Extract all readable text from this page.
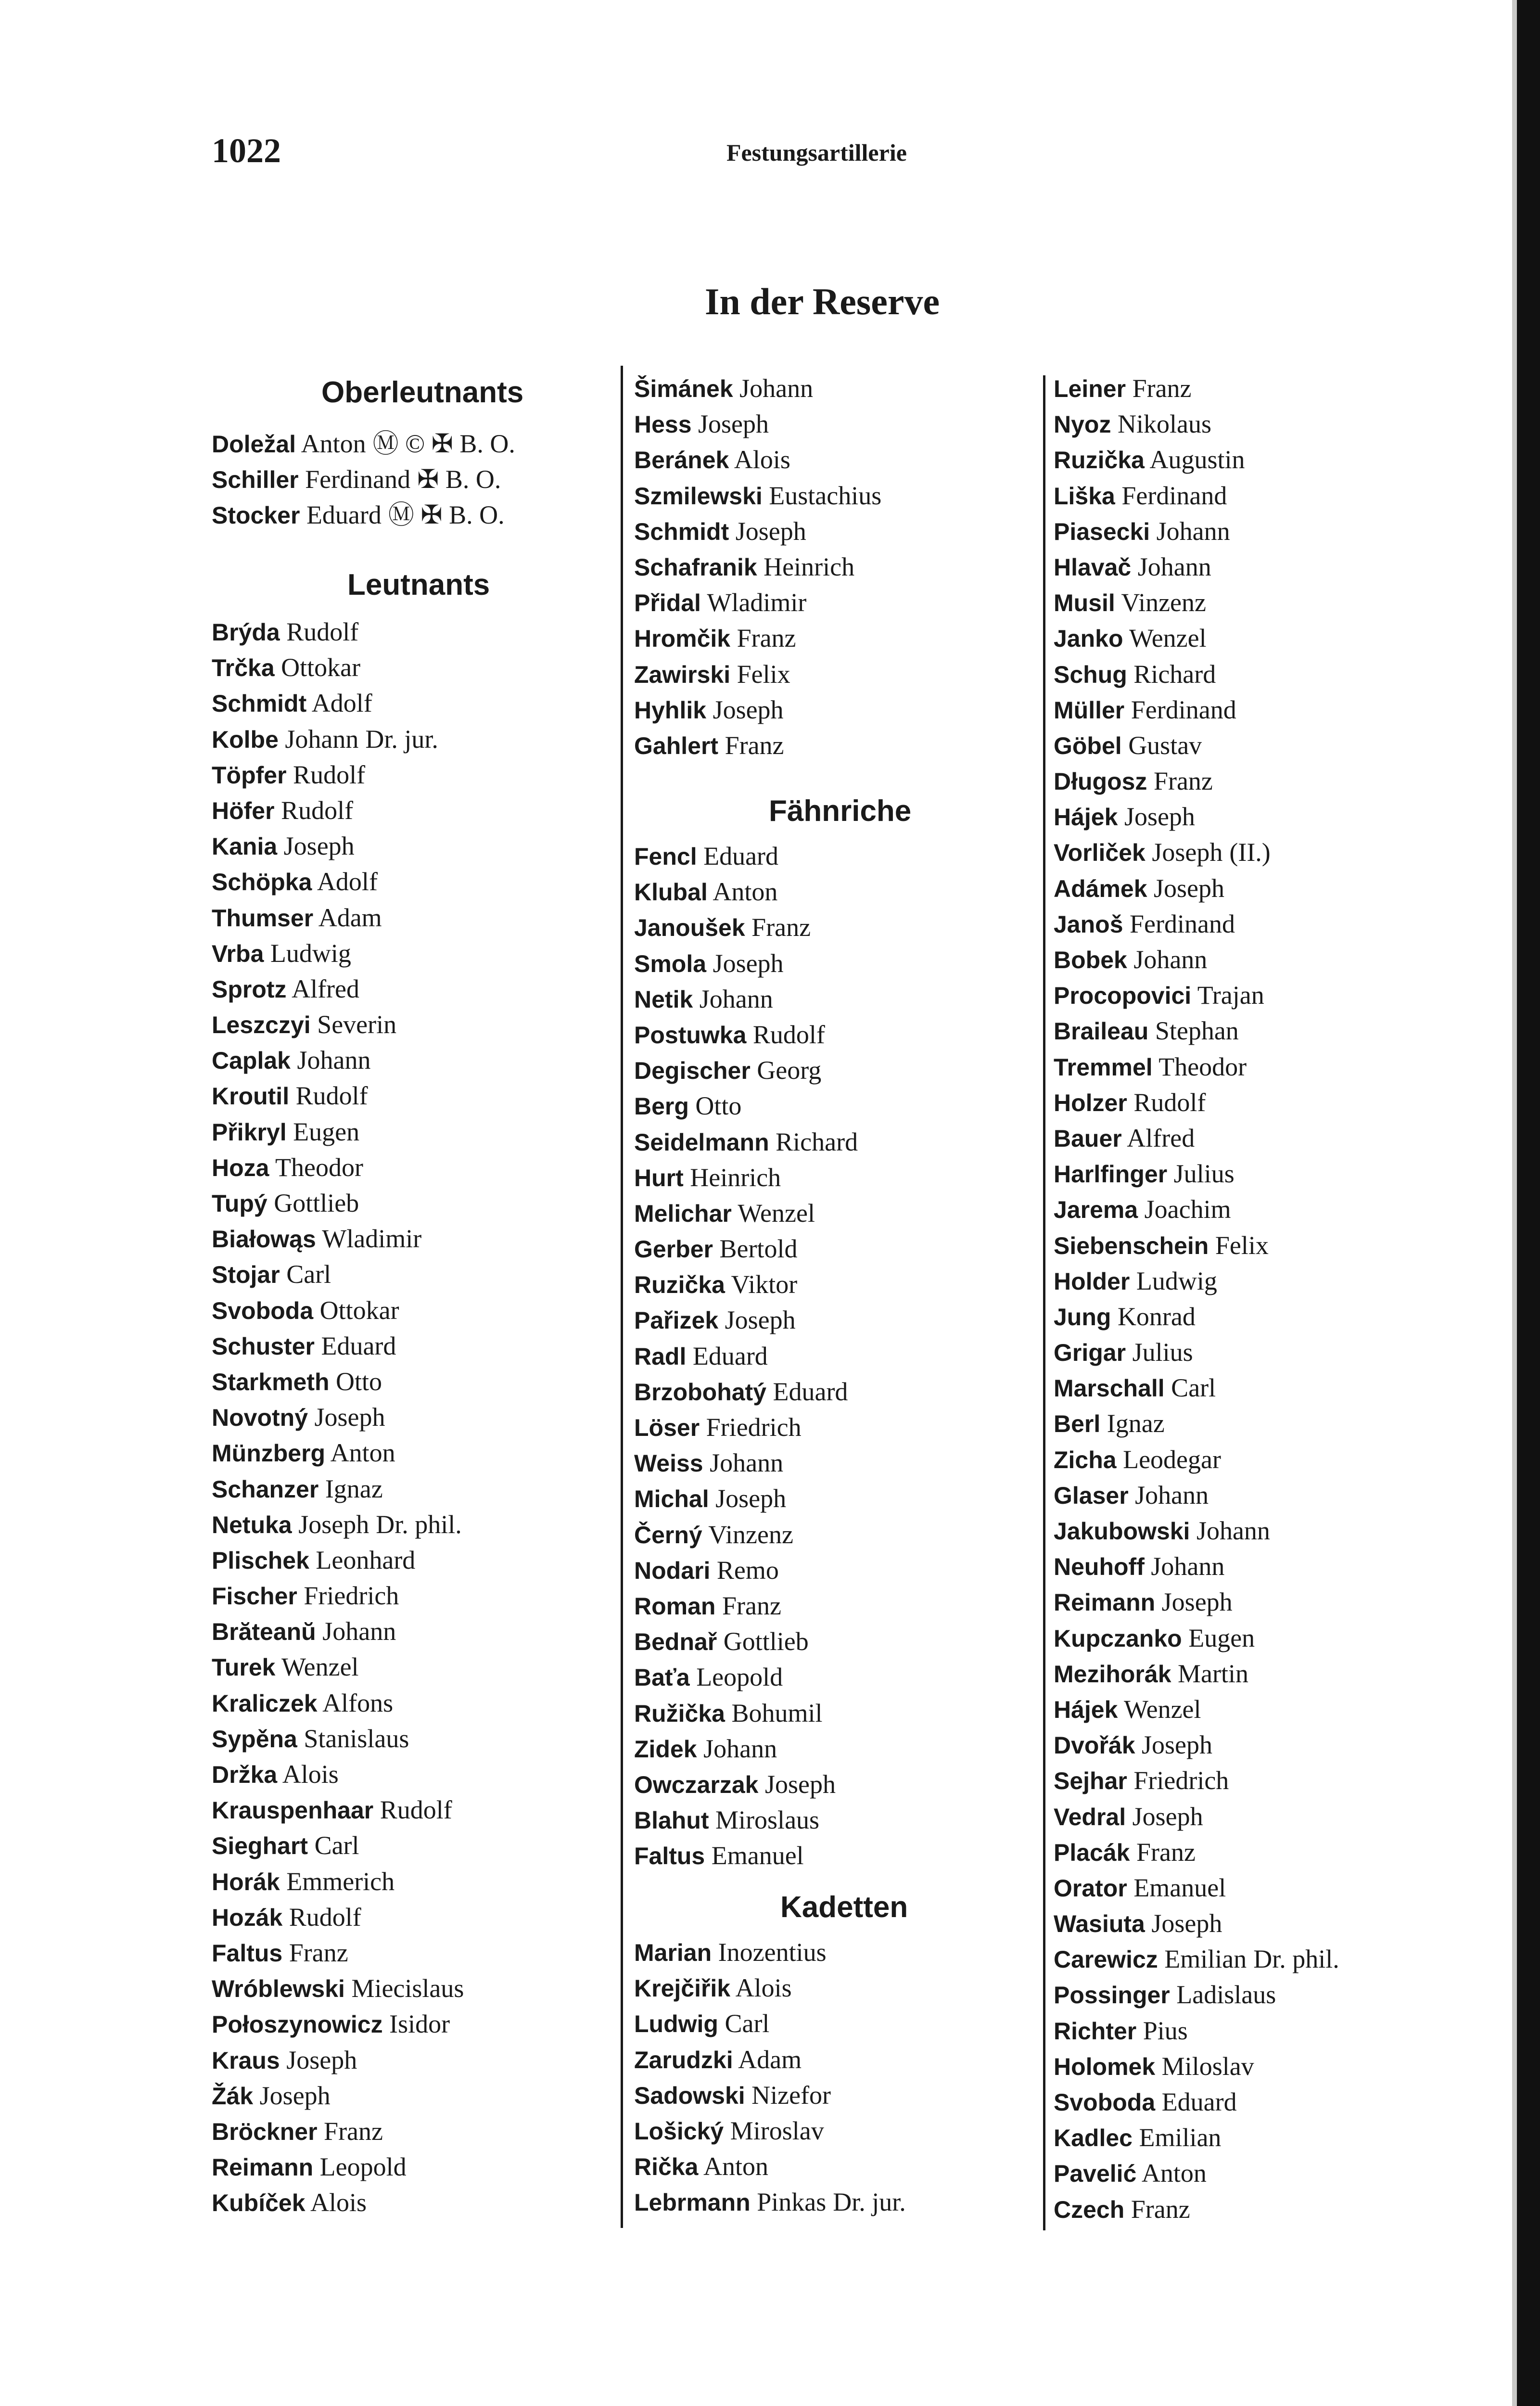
1022	Festungsartillerie
In der Reserve
Oberleutnants
Doležal Anton Ⓜ © ✠ B. O.
Schiller Ferdinand ✠ B. O.
Stocker Eduard Ⓜ ✠ B. O.
Leutnants
Brýda Rudolf
Trčka Ottokar
Schmidt Adolf
Kolbe Johann Dr. jur.
Töpfer Rudolf
Höfer Rudolf
Kania Joseph
Schöpka Adolf
Thumser Adam
Vrba Ludwig
Sprotz Alfred
Leszczyi Severin
Caplak Johann
Kroutil Rudolf
Přikryl Eugen
Hoza Theodor
Tupý Gottlieb
Białowąs Wladimir
Stojar Carl
Svoboda Ottokar
Schuster Eduard
Starkmeth Otto
Novotný Joseph
Münzberg Anton
Schanzer Ignaz
Netuka Joseph Dr. phil.
Plischek Leonhard
Fischer Friedrich
Brăteanŭ Johann
Turek Wenzel
Kraliczek Alfons
Sypěna Stanislaus
Držka Alois
Krauspenhaar Rudolf
Sieghart Carl
Horák Emmerich
Hozák Rudolf
Faltus Franz
Wróblewski Miecislaus
Połoszynowicz Isidor
Kraus Joseph
Žák Joseph
Bröckner Franz
Reimann Leopold
Kubíček Alois
Šimánek Johann
Hess Joseph
Beránek Alois
Szmilewski Eustachius
Schmidt Joseph
Schafranik Heinrich
Přidal Wladimir
Hromčik Franz
Zawirski Felix
Hyhlik Joseph
Gahlert Franz
Fähnriche
Fencl Eduard
Klubal Anton
Janoušek Franz
Smola Joseph
Netik Johann
Postuwka Rudolf
Degischer Georg
Berg Otto
Seidelmann Richard
Hurt Heinrich
Melichar Wenzel
Gerber Bertold
Ruzička Viktor
Pařizek Joseph
Radl Eduard
Brzobohatý Eduard
Löser Friedrich
Weiss Johann
Michal Joseph
Černý Vinzenz
Nodari Remo
Roman Franz
Bednař Gottlieb
Baťa Leopold
Ružička Bohumil
Zidek Johann
Owczarzak Joseph
Blahut Miroslaus
Faltus Emanuel
Kadetten
Marian Inozentius
Krejčiřik Alois
Ludwig Carl
Zarudzki Adam
Sadowski Nizefor
Lošický Miroslav
Rička Anton
Lebrmann Pinkas Dr. jur.
Leiner Franz
Nyoz Nikolaus
Ruzička Augustin
Liška Ferdinand
Piasecki Johann
Hlavač Johann
Musil Vinzenz
Janko Wenzel
Schug Richard
Müller Ferdinand
Göbel Gustav
Długosz Franz
Hájek Joseph
Vorliček Joseph (II.)
Adámek Joseph
Janoš Ferdinand
Bobek Johann
Procopovici Trajan
Braileau Stephan
Tremmel Theodor
Holzer Rudolf
Bauer Alfred
Harlfinger Julius
Jarema Joachim
Siebenschein Felix
Holder Ludwig
Jung Konrad
Grigar Julius
Marschall Carl
Berl Ignaz
Zicha Leodegar
Glaser Johann
Jakubowski Johann
Neuhoff Johann
Reimann Joseph
Kupczanko Eugen
Mezihorák Martin
Hájek Wenzel
Dvořák Joseph
Sejhar Friedrich
Vedral Joseph
Placák Franz
Orator Emanuel
Wasiuta Joseph
Carewicz Emilian Dr. phil.
Possinger Ladislaus
Richter Pius
Holomek Miloslav
Svoboda Eduard
Kadlec Emilian
Pavelić Anton
Czech Franz
